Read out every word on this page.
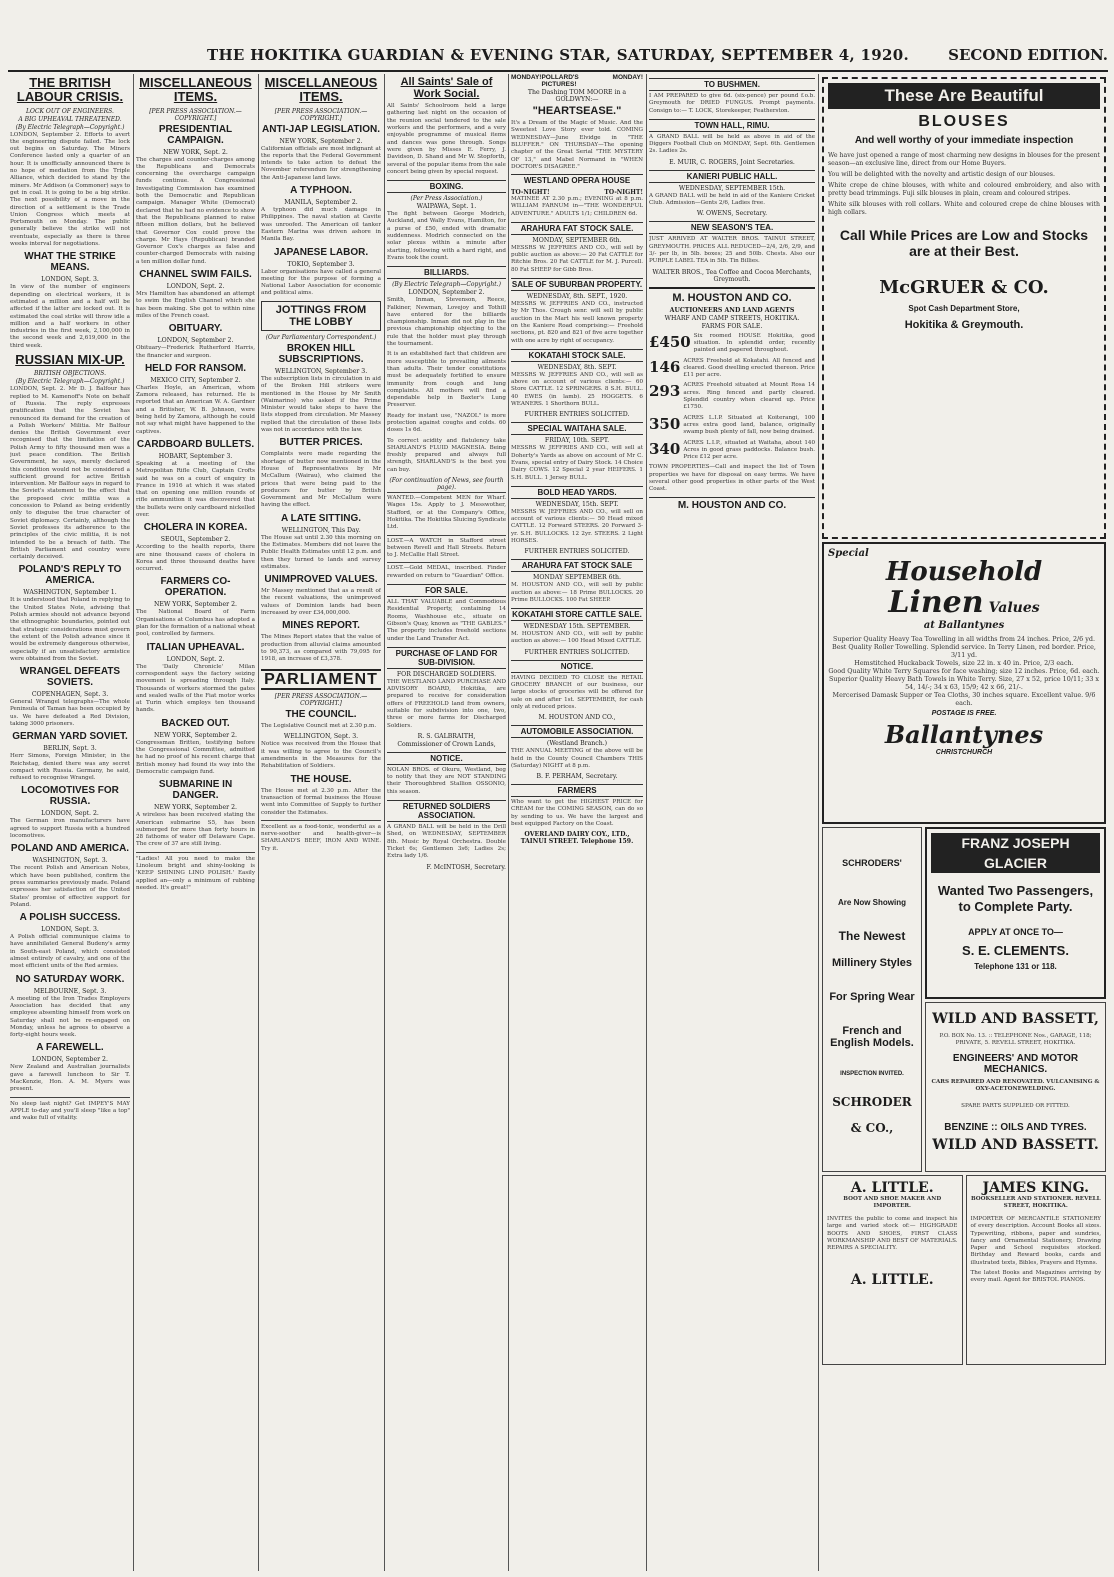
THE HOKITIKA GUARDIAN & EVENING STAR, SATURDAY, SEPTEMBER 4, 1920.	SECOND EDITION.
THE BRITISH LABOUR CRISIS.
LOCK OUT OF ENGINEERS.
A BIG UPHEAVAL THREATENED.
(By Electric Telegraph—Copyright.)

LONDON, September 2. Efforts to avert the engineering dispute failed. The lock out begins on Saturday. The Miners Conference lasted only a quarter of an hour. It is unofficially announced there is no hope of mediation from the Triple Alliance, which decided to stand by the miners. Mr Addison (a Commoner) says to get in coal. It is going to be a big strike. The next possibility of a move in the direction of a settlement is the Trade Union Congress which meets at Portsmouth on Monday. The public generally believe the strike will not eventuate, especially as there is three weeks interval for negotiations.

WHAT THE STRIKE MEANS.
LONDON, Sept. 3.

In view of the number of engineers depending on electrical workers, it is estimated a million and a half will be affected if the latter are locked out. It is estimated the coal strike will throw idle a million and a half workers in other industries in the first week, 2,100,000 in the second week and 2,619,000 in the third week.

RUSSIAN MIX-UP.
BRITISH OBJECTIONS.
(By Electric Telegraph—Copyright.)

LONDON, Sept. 2. Mr D. J. Balfour has replied to M. Kamenoff's Note on behalf of Russia. The reply expresses gratification that the Soviet has renounced its demand for the creation of a Polish Workers' Militia. Mr Balfour denies the British Government ever recognised that the limitation of the Polish Army to fifty thousand men was a just peace condition. The British Government, he says, merely declared this condition would not be considered a sufficient ground for active British intervention. Mr Balfour says in regard to the Soviet's statement to the effect that the proposed civic militia was a concession to Poland as being evidently only to disguise the true character of Soviet diplomacy. Certainly, although the Soviet professes its adherence to the principles of the civic militia, it is not intended to be a breach of faith. The British Parliament and country were certainly deceived.

POLAND'S REPLY TO AMERICA.
WASHINGTON, September 1.

It is understood that Poland in replying to the United States Note, advising that Polish armies should not advance beyond the ethnographic boundaries, pointed out that strategic considerations must govern the extent of the Polish advance since it would be extremely dangerous otherwise, especially if an unsatisfactory armistice were obtained from the Soviet.

WRANGEL DEFEATS SOVIETS.
COPENHAGEN, Sept. 3.

General Wrangel telegraphs—The whole Peninsula of Taman has been occupied by us. We have defeated a Red Division, taking 3000 prisoners.

GERMAN YARD SOVIET.
BERLIN, Sept. 3.

Herr Simons, Foreign Minister, in the Reichstag, denied there was any secret compact with Russia. Germany, he said, refused to recognise Wrangel.

LOCOMOTIVES FOR RUSSIA.
LONDON, Sept. 2.

The German iron manufacturers have agreed to support Russia with a hundred locomotives.

POLAND AND AMERICA.
WASHINGTON, Sept. 3.

The recent Polish and American Notes, which have been published, confirm the press summaries previously made. Poland expresses her satisfaction of the United States' promise of effective support for Poland.

A POLISH SUCCESS.
LONDON, Sept. 3.

A Polish official communique claims to have annihilated General Budeny's army in South-east Poland, which consisted almost entirely of cavalry, and one of the most efficient units of the Red armies.

NO SATURDAY WORK.
MELBOURNE, Sept. 3.

A meeting of the Iron Trades Employers Association has decided that any employee absenting himself from work on Saturday shall not be re-engaged on Monday, unless he agrees to observe a forty-eight hours week.

A FAREWELL.
LONDON, September 2.

New Zealand and Australian journalists gave a farewell luncheon to Sir T. MacKenzie, Hon. A. M. Myers was present.

No sleep last night? Get IMPEY'S MAY APPLE to-day and you'll sleep "like a top" and wake full of vitality.

MISCELLANEOUS ITEMS.
[PER PRESS ASSOCIATION.—COPYRIGHT.]
PRESIDENTIAL CAMPAIGN.
NEW YORK, Sept. 2.

The charges and counter-charges among the Republicans and Democrats concerning the overcharge campaign funds continue. A Congressional Investigating Commission has examined both the Democratic and Republican campaign. Manager White (Democrat) declared that he had no evidence to show that the Republicans planned to raise fifteen million dollars, but he believed that Governor Cox could prove the charge. Mr Hays (Republican) branded Governor Cox's charges as false and counter-charged Democrats with raising a ten million dollar fund.

CHANNEL SWIM FAILS.
LONDON, Sept. 2.

Mrs Hamilton has abandoned an attempt to swim the English Channel which she has been making. She got to within nine miles of the French coast.

OBITUARY.
LONDON, September 2.

Obituary—Frederick Rutherford Harris, the financier and surgeon.

HELD FOR RANSOM.
MEXICO CITY, September 2.

Charles Hoyle, an American, whom Zamora released, has returned. He is reported that an American W. A. Gardner and a Britisher, W. B. Johnson, were being held by Zamora, although he could not say what might have happened to the captives.

CARDBOARD BULLETS.
HOBART, September 3.

Speaking at a meeting of the Metropolitan Rifle Club, Captain Crofts said he was on a court of enquiry in France in 1916 at which it was stated that on opening one million rounds of rifle ammunition it was discovered that the bullets were only cardboard nickelled over.

CHOLERA IN KOREA.
SEOUL, September 2.

According to the health reports, there are nine thousand cases of cholera in Korea and three thousand deaths have occurred.

FARMERS CO-OPERATION.
NEW YORK, September 2.

The National Board of Farm Organisations at Columbus has adopted a plan for the formation of a national wheat pool, controlled by farmers.

ITALIAN UPHEAVAL.
LONDON, Sept. 2.

The 'Daily Chronicle' Milan correspondent says the factory seizing movement is spreading through Italy. Thousands of workers stormed the gates and sealed walls of the Fiat motor works at Turin which employs ten thousand hands.

BACKED OUT.
NEW YORK, September 2.

Congressman Britten, testifying before the Congressional Committee, admitted he had no proof of his recent charge that British money had found its way into the Democratic campaign fund.

SUBMARINE IN DANGER.
NEW YORK, September 2.

A wireless has been received stating the American submarine S5, has been submerged for more than forty hours in 28 fathoms of water off Delaware Cape. The crew of 37 are still living.

"Ladies! All you need to make the Linoleum bright and shiny-looking is 'KEEP SHINING LINO POLISH.' Easily applied an—only a minimum of rubbing needed. It's great!"

MISCELLANEOUS ITEMS.
[PER PRESS ASSOCIATION.—COPYRIGHT.]
ANTI-JAP LEGISLATION.
NEW YORK, September 2.

Californian officials are most indignant at the reports that the Federal Government intends to take action to defeat the November referendum for strengthening the Anti-Japanese land laws.

A TYPHOON.
MANILA, September 2.

A typhoon did much damage in Philippines. The naval station at Cavite was unroofed. The American oil tanker Eastern Marina was driven ashore in Manila Bay.

JAPANESE LABOR.
TOKIO, September 3.

Labor organisations have called a general meeting for the purpose of forming a National Labor Association for economic and political aims.

JOTTINGS FROM THE LOBBY
(Our Parliamentary Correspondent.)
BROKEN HILL SUBSCRIPTIONS.
WELLINGTON, September 3.

The subscription lists in circulation in aid of the Broken Hill strikers were mentioned in the House by Mr Smith (Waimarino) who asked if the Prime Minister would take steps to have the lists stopped from circulation. Mr Massey replied that the circulation of these lists was not in accordance with the law.

BUTTER PRICES.

Complaints were made regarding the shortage of butter now mentioned in the House of Representatives by Mr McCallum (Wairau), who claimed the prices that were being paid to the producers for butter by British Government and Mr McCallum were having the effect.

A LATE SITTING.
WELLINGTON, This Day.

The House sat until 2.30 this morning on the Estimates. Members did not leave the Public Health Estimates until 12 p.m. and then they turned to lands and survey estimates.

UNIMPROVED VALUES.

Mr Massey mentioned that as a result of the recent valuations, the unimproved values of Dominion lands had been increased by over £34,000,000.

MINES REPORT.

The Mines Report states that the value of production from alluvial claims amounted to 90,373, as compared with 79,095 for 1918, an increase of £3,378.

PARLIAMENT
[PER PRESS ASSOCIATION.—COPYRIGHT.]
THE COUNCIL.

The Legislative Council met at 2.30 p.m.

WELLINGTON, Sept. 3.

Notice was received from the House that it was willing to agree to the Council's amendments in the Measures for the Rehabilitation of Soldiers.

THE HOUSE.

The House met at 2.30 p.m. After the transaction of formal business the House went into Committee of Supply to further consider the Estimates.

Excellent as a food-tonic, wonderful as a nerve-soother and health-giver—is SHARLAND'S BEEF, IRON AND WINE. Try it.

All Saints' Sale of Work Social.

All Saints' Schoolroom held a large gathering last night on the occasion of the reunion social tendered to the sale workers and the performers, and a very enjoyable programme of musical items and dances was gone through. Songs were given by Misses E. Ferry, J. Davidson, D. Shand and Mr W. Stopforth, several of the popular items from the sale concert being given by special request.

BOXING.
(Per Press Association.)
WAIPAWA, Sept. 1.

The fight between George Modrich, Auckland, and Wally Evans, Hamilton, for a purse of £50, ended with dramatic suddenness. Modrich connected on the solar plexus within a minute after starting, following with a hard right, and Evans took the count.

BILLIARDS.
(By Electric Telegraph—Copyright.)
LONDON, September 2.

Smith, Inman, Stevenson, Reece, Falkiner, Newman, Lovejoy and Tothill have entered for the billiards championship. Inman did not play in the previous championship objecting to the rule that the holder must play through the tournament.

It is an established fact that children are more susceptible to prevailing ailments than adults. Their tender constitutions must be adequately fortified to ensure immunity from cough and lung complaints. All mothers will find a dependable help in Baxter's Lung Preserver.

Ready for instant use, "NAZOL" is more protection against coughs and colds. 60 doses 1s 6d.

To correct acidity and flatulency take SHARLAND'S FLUID MAGNESIA. Being freshly prepared and always full strength, SHARLAND'S is the best you can buy.

(For continuation of News, see fourth page).

WANTED.—Competent MEN for Wharf. Wages 15s. Apply to J. Messwother, Stafford, or at the Company's Office, Hokitika. The Hokitika Sluicing Syndicate Ltd.

LOST.—A WATCH in Stafford street between Revell and Hall Streets. Return to J. McCallie Hall Street.

LOST.—Gold MEDAL, inscribed. Finder rewarded on return to "Guardian" Office.

FOR SALE.

ALL THAT VALUABLE and Commodious Residential Property, containing 14 Rooms, Washhouse etc., situate on Gibson's Quay, known as "THE GABLES." The property includes freehold sections under the Land Transfer Act.

PURCHASE OF LAND FOR SUB-DIVISION.
FOR DISCHARGED SOLDIERS.

THE WESTLAND LAND PURCHASE AND ADVISORY BOARD, Hokitika, are prepared to receive for consideration offers of FREEHOLD land from owners, suitable for subdivision into one, two, three or more farms for Discharged Soldiers.

R. S. GALBRAITH,
Commissioner of Crown Lands,
NOTICE.

NOLAN BROS. of Okuru, Westland, beg to notify that they are NOT STANDING their Thoroughbred Stallion OSSONIO, this season.

RETURNED SOLDIERS ASSOCIATION.

A GRAND BALL will be held in the Drill Shed, on WEDNESDAY, SEPTEMBER 8th. Music by Royal Orchestra. Double Ticket 6s; Gentlemen 3s6; Ladies 2s; Extra lady 1/6.

F. McINTOSH, Secretary.
MONDAY! POLLARD'S PICTURES!
MONDAY!
The Dashing TOM MOORE in a GOLDWYN:—
"HEARTSEASE."

It's a Dream of the Magic of Music. And the Sweetest Love Story ever told. COMING WEDNESDAY—June Elvidge in "THE BLUFFER." ON THURSDAY—The opening chapter of the Great Serial "THE MYSTERY OF 13," and Mabel Normand in "WHEN DOCTOR'S DISAGREE."

WESTLAND OPERA HOUSE
TO-NIGHT!	TO-NIGHT!

MATINEE AT 2.30 p.m.; EVENING at 8 p.m. WILLIAM FARNUM in—"THE WONDERFUL ADVENTURE." ADULTS 1/1; CHILDREN 6d.

ARAHURA FAT STOCK SALE.
MONDAY, SEPTEMBER 6th.

MESSRS W. JEFFRIES AND CO., will sell by public auction as above:— 20 Fat CATTLE for Ritchie Bros. 20 Fat CATTLE for M. J. Purcell. 80 Fat SHEEP for Gibb Bros.

SALE OF SUBURBAN PROPERTY.
WEDNESDAY, 8th. SEPT., 1920.

MESSRS W. JEFFRIES AND CO., instructed by Mr Thos. Crough senr. will sell by public auction in the Mart his well known property on the Kaniere Road comprising:— Freehold sections, pt. 820 and 821 of five acre together with one acre by right of occupancy.

KOKATAHI STOCK SALE.
WEDNESDAY, 8th. SEPT.

MESSRS W. JEFFRIES AND CO., will sell as above on account of various clients:— 60 Store CATTLE. 12 SPRINGERS. 8 S.H. BULL. 40 EWES (in lamb). 25 HOGGETS. 6 WEANERS. 1 Shorthorn BULL.

FURTHER ENTRIES SOLICITED.
SPECIAL WAITAHA SALE.
FRIDAY, 10th. SEPT.

MESSRS W. JEFFRIES AND CO., will sell at Doherty's Yards as above on account of Mr C. Evans, special entry of Dairy Stock. 14 Choice Dairy COWS. 12 Special 2 year HEIFERS. 1 S.H. BULL. 1 Jersey BULL.

BOLD HEAD YARDS.
WEDNESDAY, 15th. SEPT.

MESSRS W. JEFFRIES AND CO., will sell on account of various clients:— 50 Head mixed CATTLE. 12 Forward STEERS. 20 Forward 3-yr. S.H. BULLOCKS. 12 2yr. STEERS. 2 Light HORSES.

FURTHER ENTRIES SOLICITED.
ARAHURA FAT STOCK SALE
MONDAY SEPTEMBER 6th.

M. HOUSTON AND CO., will sell by public auction as above:— 18 Prime BULLOCKS. 20 Prime BULLOCKS. 100 Fat SHEEP.

KOKATAHI STORE CATTLE SALE.
WEDNESDAY 15th. SEPTEMBER.

M. HOUSTON AND CO., will sell by public auction as above:— 100 Head Mixed CATTLE.

FURTHER ENTRIES SOLICITED.
NOTICE.

HAVING DECIDED TO CLOSE the RETAIL GROCERY BRANCH of our business, our large stocks of groceries will be offered for sale on and after 1st. SEPTEMBER, for cash only at reduced prices.

M. HOUSTON AND CO.,
AUTOMOBILE ASSOCIATION.
(Westland Branch.)

THE ANNUAL MEETING of the above will be held in the County Council Chambers THIS (Saturday) NIGHT at 8 p.m.

B. F. PERHAM, Secretary.
FARMERS

Who want to get the HIGHEST PRICE for CREAM for the COMING SEASON, can do so by sending to us. We have the largest and best equipped Factory on the Coast.

OVERLAND DAIRY COY., LTD., TAINUI STREET. Telephone 159.
TO BUSHMEN.

I AM PREPARED to give 6d. (six-pence) per pound f.o.b. Greymouth for DRIED FUNGUS. Prompt payments. Consign to:— T. LOCK, Storekeeper, Featherston.

TOWN HALL, RIMU.

A GRAND BALL will be held as above in aid of the Diggers Football Club on MONDAY, Sept. 6th. Gentlemen 2s. Ladies 2s.

E. MUIR, C. ROGERS, Joint Secretaries.
KANIERI PUBLIC HALL.
WEDNESDAY, SEPTEMBER 15th.

A GRAND BALL will be held in aid of the Kaniere Cricket Club. Admission—Gents 2/6, Ladies free.

W. OWENS, Secretary.
NEW SEASON'S TEA.

JUST ARRIVED AT WALTER BROS. TAINUI STREET, GREYMOUTH. PRICES ALL REDUCED—2/4, 2/6, 2/9, and 3/- per lb, in 5lb. boxes; 25 and 50lb. Chests. Also our PURPLE LABEL TEA in 5lb. Tin Billies.

WALTER BROS., Tea Coffee and Cocoa Merchants, Greymouth.
M. HOUSTON AND CO.
AUCTIONEERS AND LAND AGENTS
WHARF AND CAMP STREETS, HOKITIKA.
FARMS FOR SALE.
£450 Six roomed HOUSE Hokitika, good situation. In splendid order, recently painted and papered throughout.
146 ACRES Freehold at Kokatahi. All fenced and cleared. Good dwelling erected thereon. Price £11 per acre.
293 ACRES Freehold situated at Mount Rosa 14 acres. Ring fenced and partly cleared. Splendid country when cleared up. Price £1750.
350 ACRES L.I.P. Situated at Koiterangi, 100 acres extra good land, balance, originally swamp bush plenty of fall, now being drained.
340 ACRES L.I.P., situated at Waitaha, about 140 Acres in good grass paddocks. Balance bush. Price £12 per acre.

TOWN PROPERTIES—Call and inspect the list of Town properties we have for disposal on easy terms. We have several other good properties in other parts of the West Coast.

M. HOUSTON AND CO.
These Are Beautiful
BLOUSES
And well worthy of your immediate inspection

We have just opened a range of most charming new designs in blouses for the present season—an exclusive line, direct from our Home Buyers.

You will be delighted with the novelty and artistic design of our blouses.

White crepe de chine blouses, with white and coloured embroidery, and also with pretty bead trimmings. Fuji silk blouses in plain, cream and coloured stripes.

White silk blouses with roll collars. White and coloured crepe de chine blouses with high collars.

Call While Prices are Low and Stocks are at their Best.
McGRUER & CO.
Spot Cash Department Store,
Hokitika & Greymouth.
Special
Household
Linen Values
at Ballantynes
Superior Quality Heavy Tea Towelling in all widths from 24 inches. Price, 2/6 yd.
Best Quality Roller Towelling. Splendid service. In Terry Linen, red border. Price, 3/11 yd.
Hemstitched Huckaback Towels, size 22 in. x 40 in. Price, 2/3 each.
Good Quality White Terry Squares for face washing; size 12 inches. Price, 6d. each.
Superior Quality Heavy Bath Towels in White Terry. Size, 27 x 52, price 10/11; 33 x 54, 14/-; 34 x 63, 15/9; 42 x 66, 21/-.
Mercerised Damask Supper or Tea Cloths, 30 inches square. Excellent value. 9/6 each.
POSTAGE IS FREE.
Ballantynes
CHRISTCHURCH
SCHRODERS'
Are Now Showing
The Newest
Millinery Styles
For Spring Wear
French and English Models.
INSPECTION INVITED.
SCHRODER
& CO.,
FRANZ JOSEPH
GLACIER
Wanted Two Passengers, to Complete Party.
APPLY AT ONCE TO—
S. E. CLEMENTS.
Telephone 131 or 118.
WILD AND BASSETT,
P.O. BOX No. 13. :: TELEPHONE Nos., GARAGE, 118; PRIVATE, 5. REVELL STREET, HOKITIKA.
ENGINEERS' AND MOTOR MECHANICS.
CARS REPAIRED AND RENOVATED. VULCANISING & OXY-ACETONEWELDING.
SPARE PARTS SUPPLIED OR FITTED.
BENZINE :: OILS AND TYRES.
WILD AND BASSETT.
A. LITTLE.
BOOT AND SHOE MAKER AND IMPORTER.

INVITES the public to come and inspect his large and varied stock of:— HIGHGRADE BOOTS AND SHOES, FIRST CLASS WORKMANSHIP AND BEST OF MATERIALS. REPAIRS A SPECIALITY.

A. LITTLE.
JAMES KING.
BOOKSELLER AND STATIONER. REVELL STREET, HOKITIKA.

IMPORTER OF MERCANTILE STATIONERY of every description. Account Books all sizes. Typewriting, ribbons, paper and sundries, fancy and Ornamental Stationery, Drawing Paper and School requisites stocked. Birthday and Reward books, cards and illustrated texts, Bibles, Prayers and Hymns.

The latest Books and Magazines arriving by every mail. Agent for BRISTOL PIANOS.
